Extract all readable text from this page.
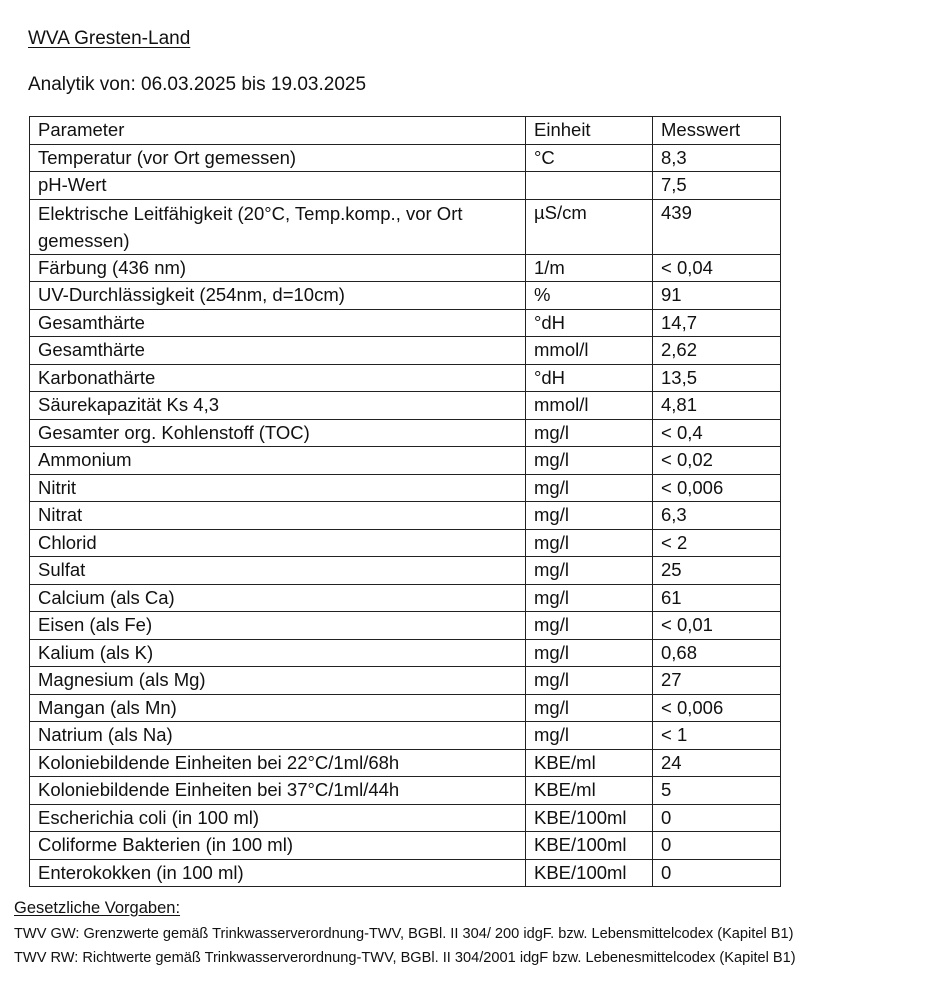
WVA Gresten-Land
Analytik von: 06.03.2025 bis 19.03.2025
Parameter	Einheit	Messwert
Temperatur (vor Ort gemessen)	°C	8,3
pH-Wert		7,5
Elektrische Leitfähigkeit (20°C, Temp.komp., vor Ort gemessen)	µS/cm	439
Färbung (436 nm)	1/m	< 0,04
UV-Durchlässigkeit (254nm, d=10cm)	%	91
Gesamthärte	°dH	14,7
Gesamthärte	mmol/l	2,62
Karbonathärte	°dH	13,5
Säurekapazität Ks 4,3	mmol/l	4,81
Gesamter org. Kohlenstoff (TOC)	mg/l	< 0,4
Ammonium	mg/l	< 0,02
Nitrit	mg/l	< 0,006
Nitrat	mg/l	6,3
Chlorid	mg/l	< 2
Sulfat	mg/l	25
Calcium (als Ca)	mg/l	61
Eisen (als Fe)	mg/l	< 0,01
Kalium (als K)	mg/l	0,68
Magnesium (als Mg)	mg/l	27
Mangan (als Mn)	mg/l	< 0,006
Natrium (als Na)	mg/l	< 1
Koloniebildende Einheiten bei 22°C/1ml/68h	KBE/ml	24
Koloniebildende Einheiten bei 37°C/1ml/44h	KBE/ml	5
Escherichia coli (in 100 ml)	KBE/100ml	0
Coliforme Bakterien (in 100 ml)	KBE/100ml	0
Enterokokken (in 100 ml)	KBE/100ml	0
Gesetzliche Vorgaben:
TWV GW: Grenzwerte gemäß Trinkwasserverordnung-TWV, BGBl. II 304/ 200 idgF. bzw. Lebensmittelcodex (Kapitel B1)
TWV RW: Richtwerte gemäß Trinkwasserverordnung-TWV, BGBl. II 304/2001 idgF bzw. Lebenesmittelcodex (Kapitel B1)
